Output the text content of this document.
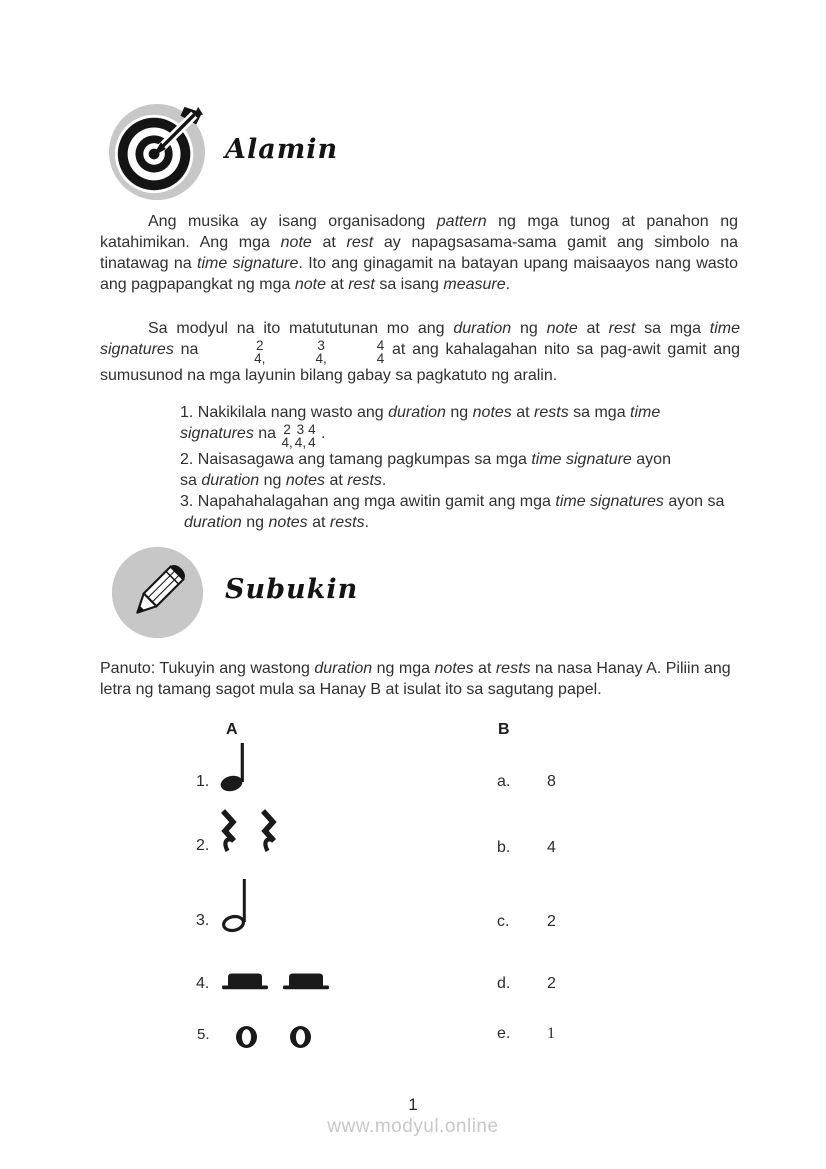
Alamin

Ang musika ay isang organisadong pattern ng mga tunog at panahon ng katahimikan. Ang mga note at rest ay napagsasama-sama gamit ang simbolo na tinatawag na time signature. Ito ang ginagamit na batayan upang maisaayos nang wasto ang pagpapangkat ng mga note at rest sa isang measure.

Sa modyul na ito matututunan mo ang duration ng note at rest sa mga time signatures na	2
4,
3
4,
4
4
at ang kahalagahan nito sa pag-awit gamit ang sumusunod na mga layunin bilang gabay sa pagkatuto ng aralin.

1. Nakikilala nang wasto ang duration ng notes at rests sa mga time signatures na 2
4,
3
4,
4
4
.

2. Naisasagawa ang tamang pagkumpas sa mga time signature ayon
sa duration ng notes at rests.

3. Napahahalagahan ang mga awitin gamit ang mga time signatures ayon sa
duration ng notes at rests.

Subukin

Panuto: Tukuyin ang wastong duration ng mga notes at rests na nasa Hanay A. Piliin ang letra ng tamang sagot mula sa Hanay B at isulat ito sa sagutang papel.

A	B
1.	a. 8
2.	b. 4
3.	c. 2
4.	d. 2
5.	e. 1
1
www.modyul.online
